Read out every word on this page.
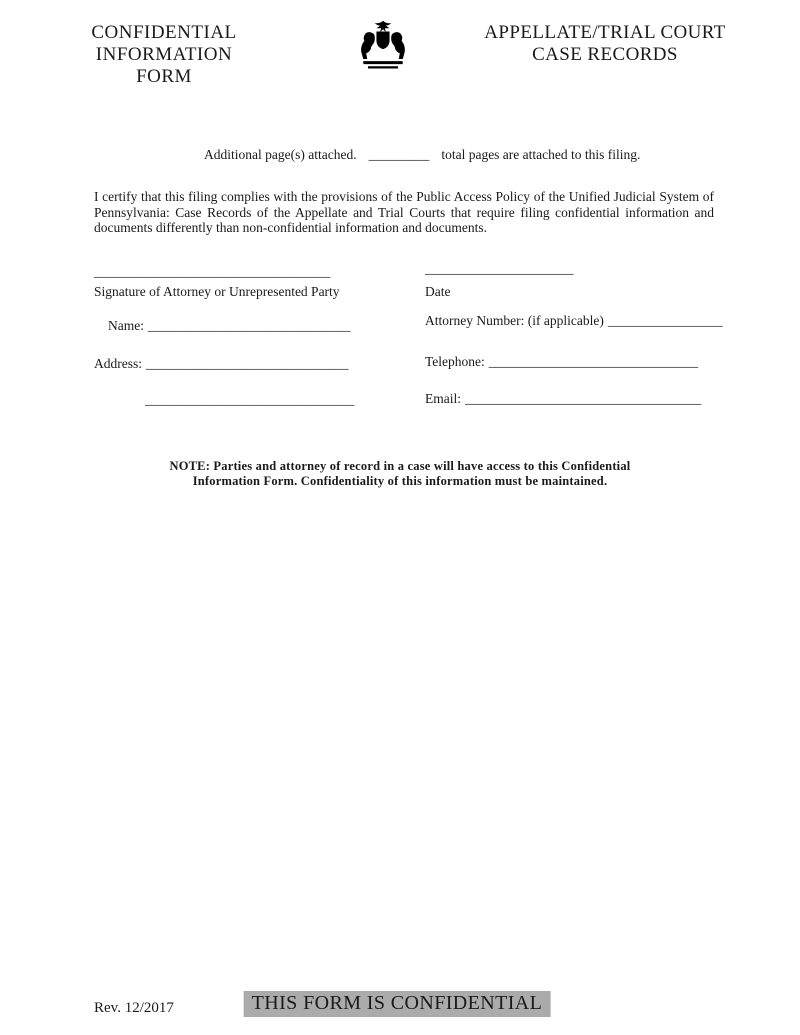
CONFIDENTIAL
INFORMATION
FORM
APPELLATE/TRIAL COURT
CASE RECORDS
Additional page(s) attached. _________ total pages are attached to this filing.

I certify that this filing complies with the provisions of the Public Access Policy of the Unified Judicial System of Pennsylvania: Case Records of the Appellate and Trial Courts that require filing confidential information and documents differently than non-confidential information and documents.

___________________________________
Signature of Attorney or Unrepresented Party
______________________
Date
Name: ______________________________	Attorney Number: (if applicable) _________________
Address: ______________________________	Telephone: _______________________________
_______________________________	Email: ___________________________________
NOTE: Parties and attorney of record in a case will have access to this Confidential Information Form. Confidentiality of this information must be maintained.
Rev. 12/2017	THIS FORM IS CONFIDENTIAL
